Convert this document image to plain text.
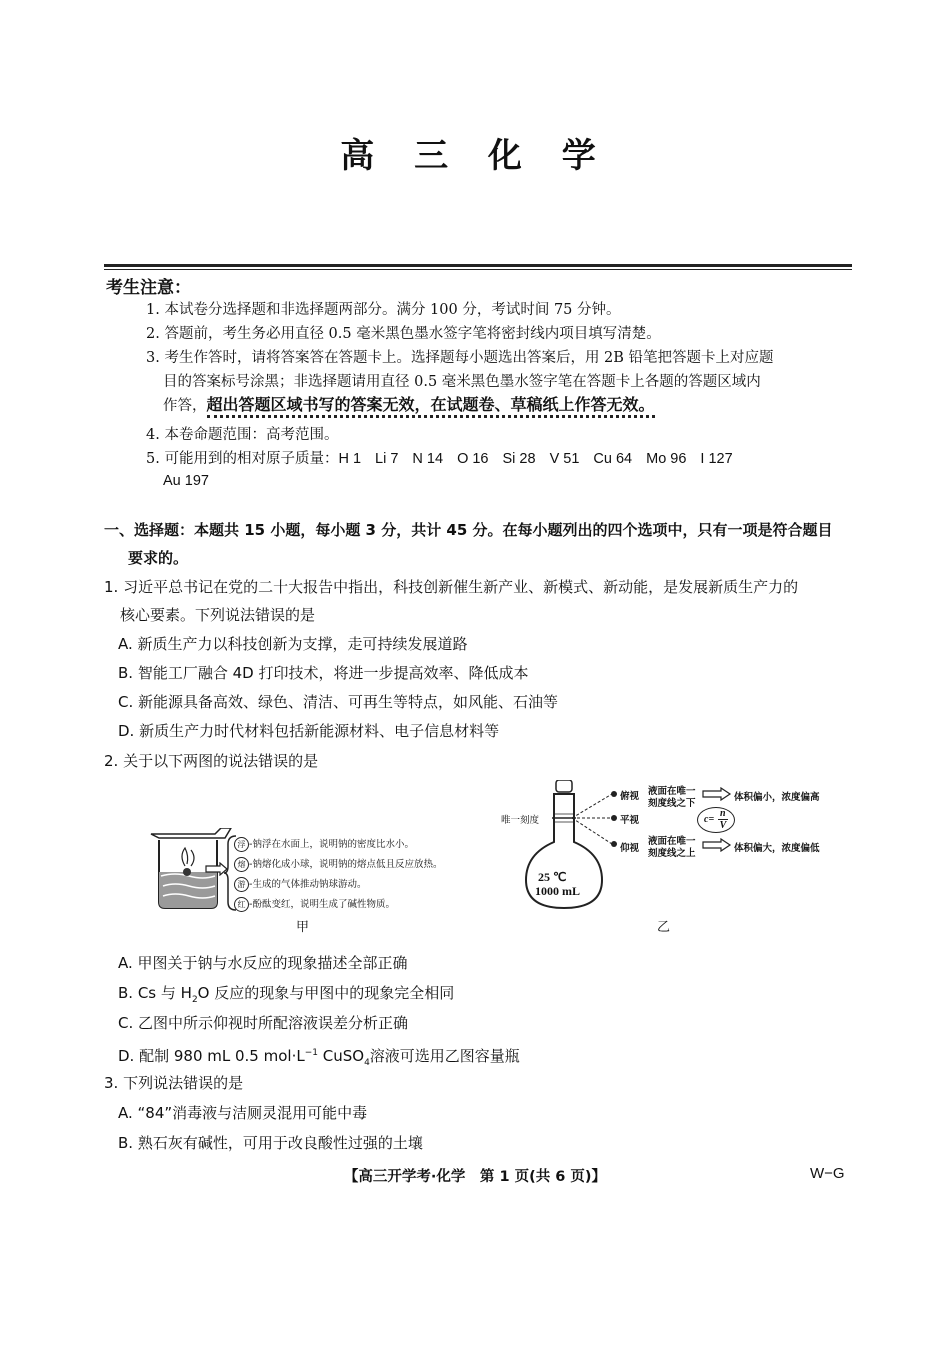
高 三 化 学
考生注意：
1. 本试卷分选择题和非选择题两部分。满分 100 分，考试时间 75 分钟。
2. 答题前，考生务必用直径 0.5 毫米黑色墨水签字笔将密封线内项目填写清楚。
3. 考生作答时，请将答案答在答题卡上。选择题每小题选出答案后，用 2B 铅笔把答题卡上对应题
目的答案标号涂黑；非选择题请用直径 0.5 毫米黑色墨水签字笔在答题卡上各题的答题区域内
作答，超出答题区域书写的答案无效，在试题卷、草稿纸上作答无效。
4. 本卷命题范围：高考范围。
5. 可能用到的相对原子质量：H 1 Li 7 N 14 O 16 Si 28 V 51 Cu 64 Mo 96 I 127
Au 197
一、选择题：本题共 15 小题，每小题 3 分，共计 45 分。在每小题列出的四个选项中，只有一项是符合题目
要求的。
1. 习近平总书记在党的二十大报告中指出，科技创新催生新产业、新模式、新动能，是发展新质生产力的
核心要素。下列说法错误的是
A. 新质生产力以科技创新为支撑，走可持续发展道路
B. 智能工厂融合 4D 打印技术，将进一步提高效率、降低成本
C. 新能源具备高效、绿色、清洁、可再生等特点，如风能、石油等
D. 新质生产力时代材料包括新能源材料、电子信息材料等
2. 关于以下两图的说法错误的是
浮 -钠浮在水面上，说明钠的密度比水小。
熔 -钠熔化成小球，说明钠的熔点低且反应放热。
游 -生成的气体推动钠球游动。
红 -酚酞变红，说明生成了碱性物质。
甲
唯一刻度
25 ℃
1000 mL
俯视
平视
仰视
液面在唯一
刻度线之下
液面在唯一
刻度线之上
体积偏小，浓度偏高
体积偏大，浓度偏低
c=
n
V
乙
A. 甲图关于钠与水反应的现象描述全部正确
B. Cs 与 $H_2O$ 反应的现象与甲图中的现象完全相同
C. 乙图中所示仰视时所配溶液误差分析正确
D. 配制 980 mL 0.5 $mol\cdot L^{-1}$ CuSO$_4$溶液可选用乙图容量瓶
3. 下列说法错误的是
A. “84”消毒液与洁厕灵混用可能中毒
B. 熟石灰有碱性，可用于改良酸性过强的土壤
【高三开学考·化学　第 1 页(共 6 页)】	W−G
